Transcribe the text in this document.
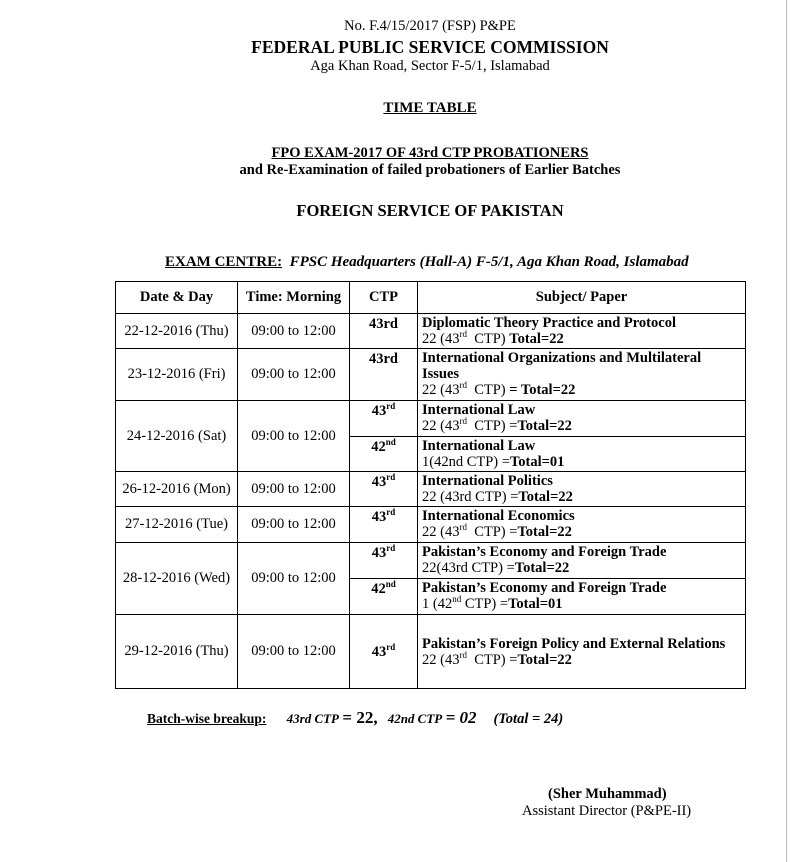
No. F.4/15/2017 (FSP) P&PE
FEDERAL PUBLIC SERVICE COMMISSION
Aga Khan Road, Sector F-5/1, Islamabad
TIME TABLE
FPO EXAM-2017 OF 43rd CTP PROBATIONERS
and Re-Examination of failed probationers of Earlier Batches
FOREIGN SERVICE OF PAKISTAN
EXAM CENTRE: FPSC Headquarters (Hall-A) F-5/1, Aga Khan Road, Islamabad
Date & Day	Time: Morning	CTP	Subject/ Paper
22-12-2016 (Thu)	09:00 to 12:00	43rd	Diplomatic Theory Practice and Protocol
22 (43rd  CTP) Total=22

23-12-2016 (Fri)	09:00 to 12:00	43rd	International Organizations and Multilateral Issues
22 (43rd  CTP) = Total=22

24-12-2016 (Sat)	09:00 to 12:00	43rd	International Law
22 (43rd  CTP) =Total=22

		42nd	International Law
1(42nd CTP) =Total=01

26-12-2016 (Mon)	09:00 to 12:00	43rd	International Politics
22 (43rd CTP) =Total=22

27-12-2016 (Tue)	09:00 to 12:00	43rd	International Economics
22 (43rd  CTP) =Total=22

28-12-2016 (Wed)	09:00 to 12:00	43rd	Pakistan’s Economy and Foreign Trade
22(43rd CTP) =Total=22

		42nd	Pakistan’s Economy and Foreign Trade
1 (42nd CTP) =Total=01

29-12-2016 (Thu)	09:00 to 12:00	43rd	Pakistan’s Foreign Policy and External Relations
22 (43rd  CTP) =Total=22
Batch-wise breakup: 43rd CTP = 22, 42nd CTP = 02 (Total = 24)
(Sher Muhammad)
Assistant Director (P&PE-II)
